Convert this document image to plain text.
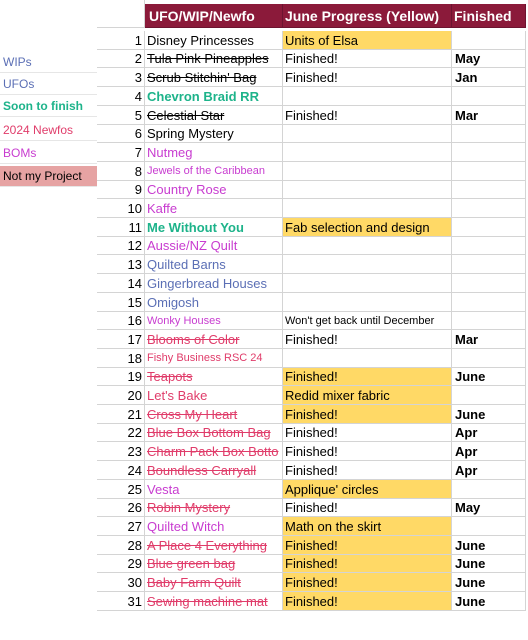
UFO/WIP/Newfo	June Progress (Yellow)	Finished
WIPs
UFOs
Soon to finish
2024 Newfos
BOMs
Not my Project
1 Disney Princesses	Units of Elsa
2 Tula Pink Pineapples	Finished!	May
3 Scrub Stitchin' Bag	Finished!	Jan
4 Chevron Braid RR
5 Celestial Star	Finished!	Mar
6 Spring Mystery
7 Nutmeg
8 Jewels of the Caribbean
9 Country Rose
10 Kaffe
11 Me Without You	Fab selection and design
12 Aussie/NZ Quilt
13 Quilted Barns
14 Gingerbread Houses
15 Omigosh
16 Wonky Houses	Won't get back until December
17 Blooms of Color	Finished!	Mar
18 Fishy Business RSC 24
19 Teapots	Finished!	June
20 Let's Bake	Redid mixer fabric
21 Cross My Heart	Finished!	June
22 Blue Box Bottom Bag	Finished!	Apr
23 Charm Pack Box Botto Finished!	Apr
24 Boundless Carryall	Finished!	Apr
25 Vesta	Applique' circles
26 Robin Mystery	Finished!	May
27 Quilted Witch	Math on the skirt
28 A Place 4 Everything	Finished!	June
29 Blue green bag	Finished!	June
30 Baby Farm Quilt	Finished!	June
31 Sewing machine mat	Finished!	June
